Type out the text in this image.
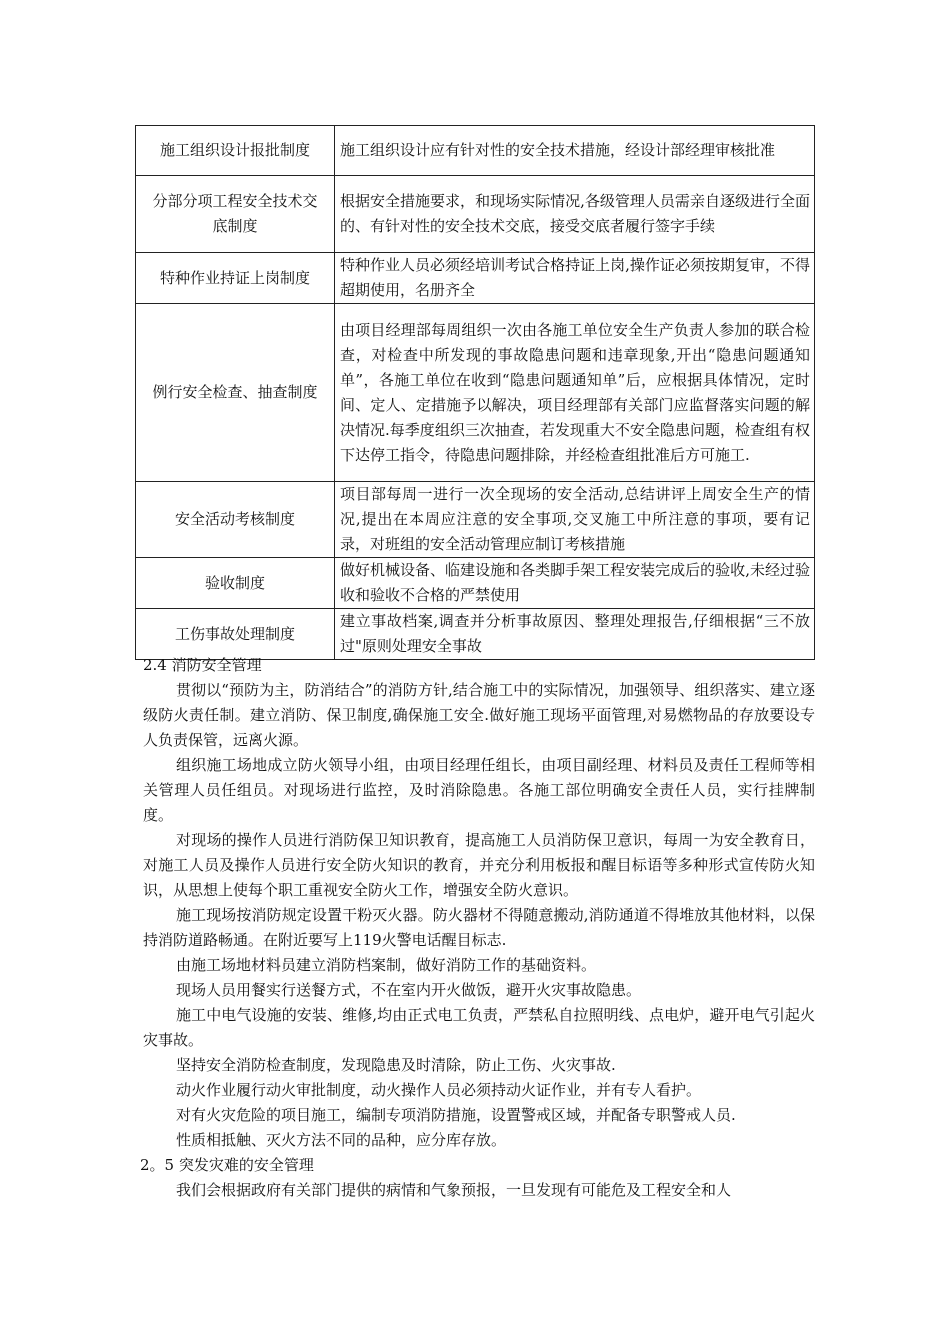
施工组织设计报批制度	施工组织设计应有针对性的安全技术措施，经设计部经理审核批准
分部分项工程安全技术交底制度	根据安全措施要求，和现场实际情况,各级管理人员需亲自逐级进行全面的、有针对性的安全技术交底，接受交底者履行签字手续
特种作业持证上岗制度	特种作业人员必须经培训考试合格持证上岗,操作证必须按期复审，不得超期使用，名册齐全
例行安全检查、抽查制度	由项目经理部每周组织一次由各施工单位安全生产负责人参加的联合检查，对检查中所发现的事故隐患问题和违章现象,开出“隐患问题通知单”，各施工单位在收到“隐患问题通知单”后，应根据具体情况，定时间、定人、定措施予以解决，项目经理部有关部门应监督落实问题的解决情况.每季度组织三次抽查，若发现重大不安全隐患问题，检查组有权下达停工指令，待隐患问题排除，并经检查组批准后方可施工.
安全活动考核制度	项目部每周一进行一次全现场的安全活动,总结讲评上周安全生产的情况,提出在本周应注意的安全事项,交叉施工中所注意的事项，要有记录，对班组的安全活动管理应制订考核措施
验收制度	做好机械设备、临建设施和各类脚手架工程安装完成后的验收,未经过验收和验收不合格的严禁使用
工伤事故处理制度	建立事故档案,调查并分析事故原因、整理处理报告,仔细根据“三不放过"原则处理安全事故
2.4 消防安全管理

贯彻以“预防为主，防消结合”的消防方针,结合施工中的实际情况，加强领导、组织落实、建立逐级防火责任制。建立消防、保卫制度,确保施工安全.做好施工现场平面管理,对易燃物品的存放要设专人负责保管，远离火源。

组织施工场地成立防火领导小组，由项目经理任组长，由项目副经理、材料员及责任工程师等相关管理人员任组员。对现场进行监控，及时消除隐患。各施工部位明确安全责任人员，实行挂牌制度。

对现场的操作人员进行消防保卫知识教育，提高施工人员消防保卫意识，每周一为安全教育日，对施工人员及操作人员进行安全防火知识的教育，并充分利用板报和醒目标语等多种形式宣传防火知识，从思想上使每个职工重视安全防火工作，增强安全防火意识。

施工现场按消防规定设置干粉灭火器。防火器材不得随意搬动,消防通道不得堆放其他材料，以保持消防道路畅通。在附近要写上119火警电话醒目标志.

由施工场地材料员建立消防档案制，做好消防工作的基础资料。

现场人员用餐实行送餐方式，不在室内开火做饭，避开火灾事故隐患。

施工中电气设施的安装、维修,均由正式电工负责，严禁私自拉照明线、点电炉，避开电气引起火灾事故。

坚持安全消防检查制度，发现隐患及时清除，防止工伤、火灾事故.

动火作业履行动火审批制度，动火操作人员必须持动火证作业，并有专人看护。

对有火灾危险的项目施工，编制专项消防措施，设置警戒区域，并配备专职警戒人员.

性质相抵触、灭火方法不同的品种，应分库存放。

2。5 突发灾难的安全管理

我们会根据政府有关部门提供的病情和气象预报，一旦发现有可能危及工程安全和人
